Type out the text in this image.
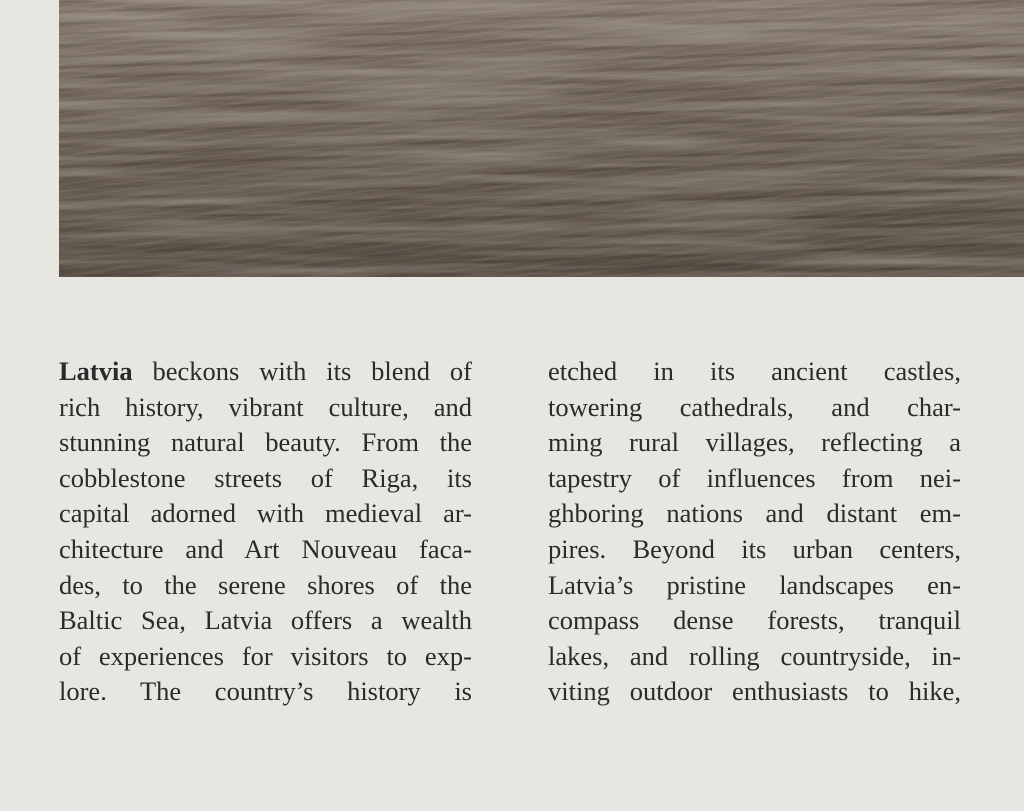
Latvia beckons with its blend of
rich history, vibrant culture, and
stunning natural beauty. From the
cobblestone streets of Riga, its
capital adorned with medieval ar-
chitecture and Art Nouveau faca-
des, to the serene shores of the
Baltic Sea, Latvia offers a wealth
of experiences for visitors to exp-
lore. The country’s history is
etched in its ancient castles,
towering cathedrals, and char-
ming rural villages, reflecting a
tapestry of influences from nei-
ghboring nations and distant em-
pires. Beyond its urban centers,
Latvia’s pristine landscapes en-
compass dense forests, tranquil
lakes, and rolling countryside, in-
viting outdoor enthusiasts to hike,
